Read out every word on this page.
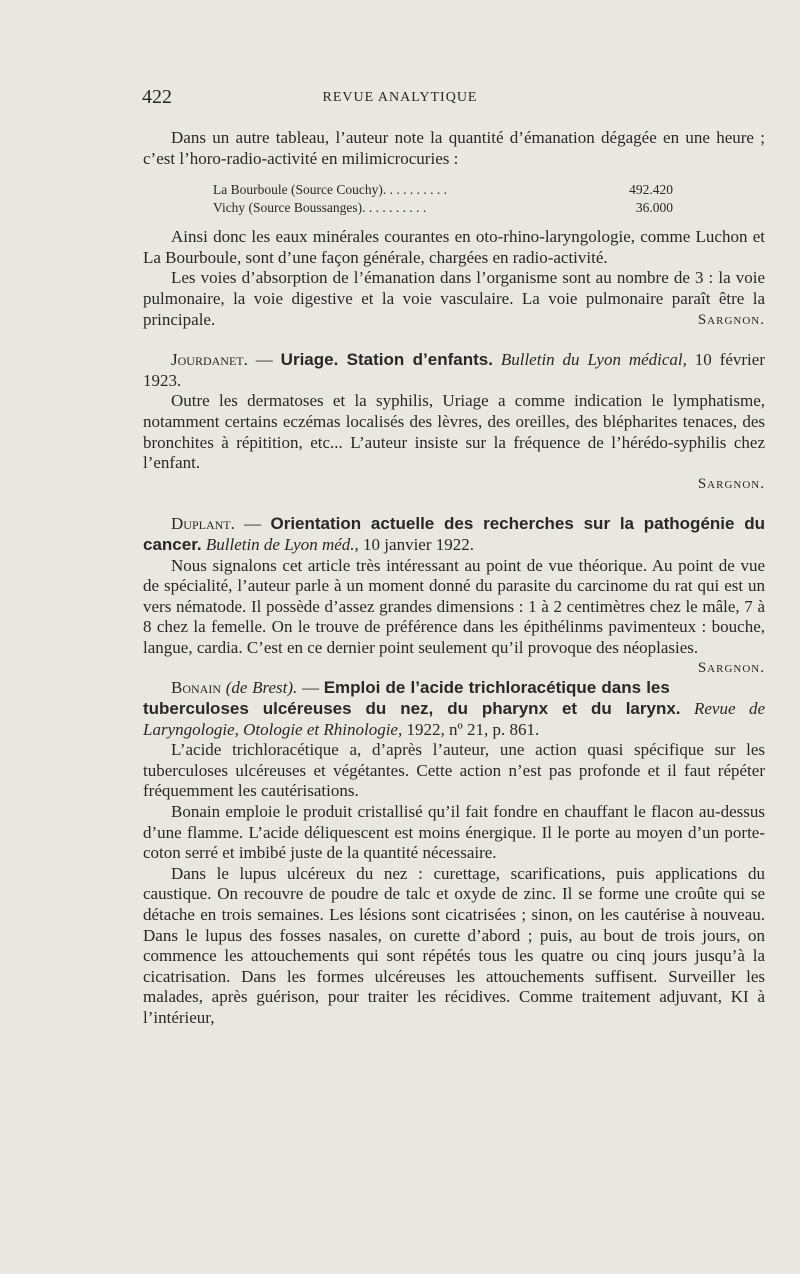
422	REVUE ANALYTIQUE

Dans un autre tableau, l’auteur note la quantité d’émanation dégagée en une heure ; c’est l’horo-radio-activité en milimicrocuries :

La Bourboule (Source Couchy). . . . . . . . . .	492.420
Vichy (Source Boussanges). . . . . . . . . .	36.000

Ainsi donc les eaux minérales courantes en oto-rhino-laryngologie, comme Luchon et La Bourboule, sont d’une façon générale, chargées en radio-activité.

Les voies d’absorption de l’émanation dans l’organisme sont au nombre de 3 : la voie pulmonaire, la voie digestive et la voie vasculaire. La voie pulmonaire paraît être la principale.	Sargnon.

Jourdanet. — Uriage. Station d’enfants. Bulletin du Lyon médical, 10 février 1923.

Outre les dermatoses et la syphilis, Uriage a comme indication le lymphatisme, notamment certains eczémas localisés des lèvres, des oreilles, des blépharites tenaces, des bronchites à répitition, etc... L’auteur insiste sur la fréquence de l’hérédo-syphilis chez l’enfant.

Sargnon.

Duplant. — Orientation actuelle des recherches sur la pathogénie du cancer. Bulletin de Lyon méd., 10 janvier 1922.

Nous signalons cet article très intéressant au point de vue théorique. Au point de vue de spécialité, l’auteur parle à un moment donné du parasite du carcinome du rat qui est un vers nématode. Il possède d’assez grandes dimensions : 1 à 2 centimètres chez le mâle, 7 à 8 chez la femelle. On le trouve de préférence dans les épithélinms pavimenteux : bouche, langue, cardia. C’est en ce dernier point seulement qu’il provoque des néoplasies.
Sargnon.

Bonain (de Brest). — Emploi de l’acide trichloracétique dans les tuberculoses ulcéreuses du nez, du pharynx et du larynx. Revue de Laryngologie, Otologie et Rhinologie, 1922, nº 21, p. 861.

L’acide trichloracétique a, d’après l’auteur, une action quasi spécifique sur les tuberculoses ulcéreuses et végétantes. Cette action n’est pas profonde et il faut répéter fréquemment les cautérisations.

Bonain emploie le produit cristallisé qu’il fait fondre en chauffant le flacon au-dessus d’une flamme. L’acide déliquescent est moins énergique. Il le porte au moyen d’un porte-coton serré et imbibé juste de la quantité nécessaire.

Dans le lupus ulcéreux du nez : curettage, scarifications, puis applications du caustique. On recouvre de poudre de talc et oxyde de zinc. Il se forme une croûte qui se détache en trois semaines. Les lésions sont cicatrisées ; sinon, on les cautérise à nouveau. Dans le lupus des fosses nasales, on curette d’abord ; puis, au bout de trois jours, on commence les attouchements qui sont répétés tous les quatre ou cinq jours jusqu’à la cicatrisation. Dans les formes ulcéreuses les attouchements suffisent. Surveiller les malades, après guérison, pour traiter les récidives. Comme traitement adjuvant, KI à l’intérieur,
